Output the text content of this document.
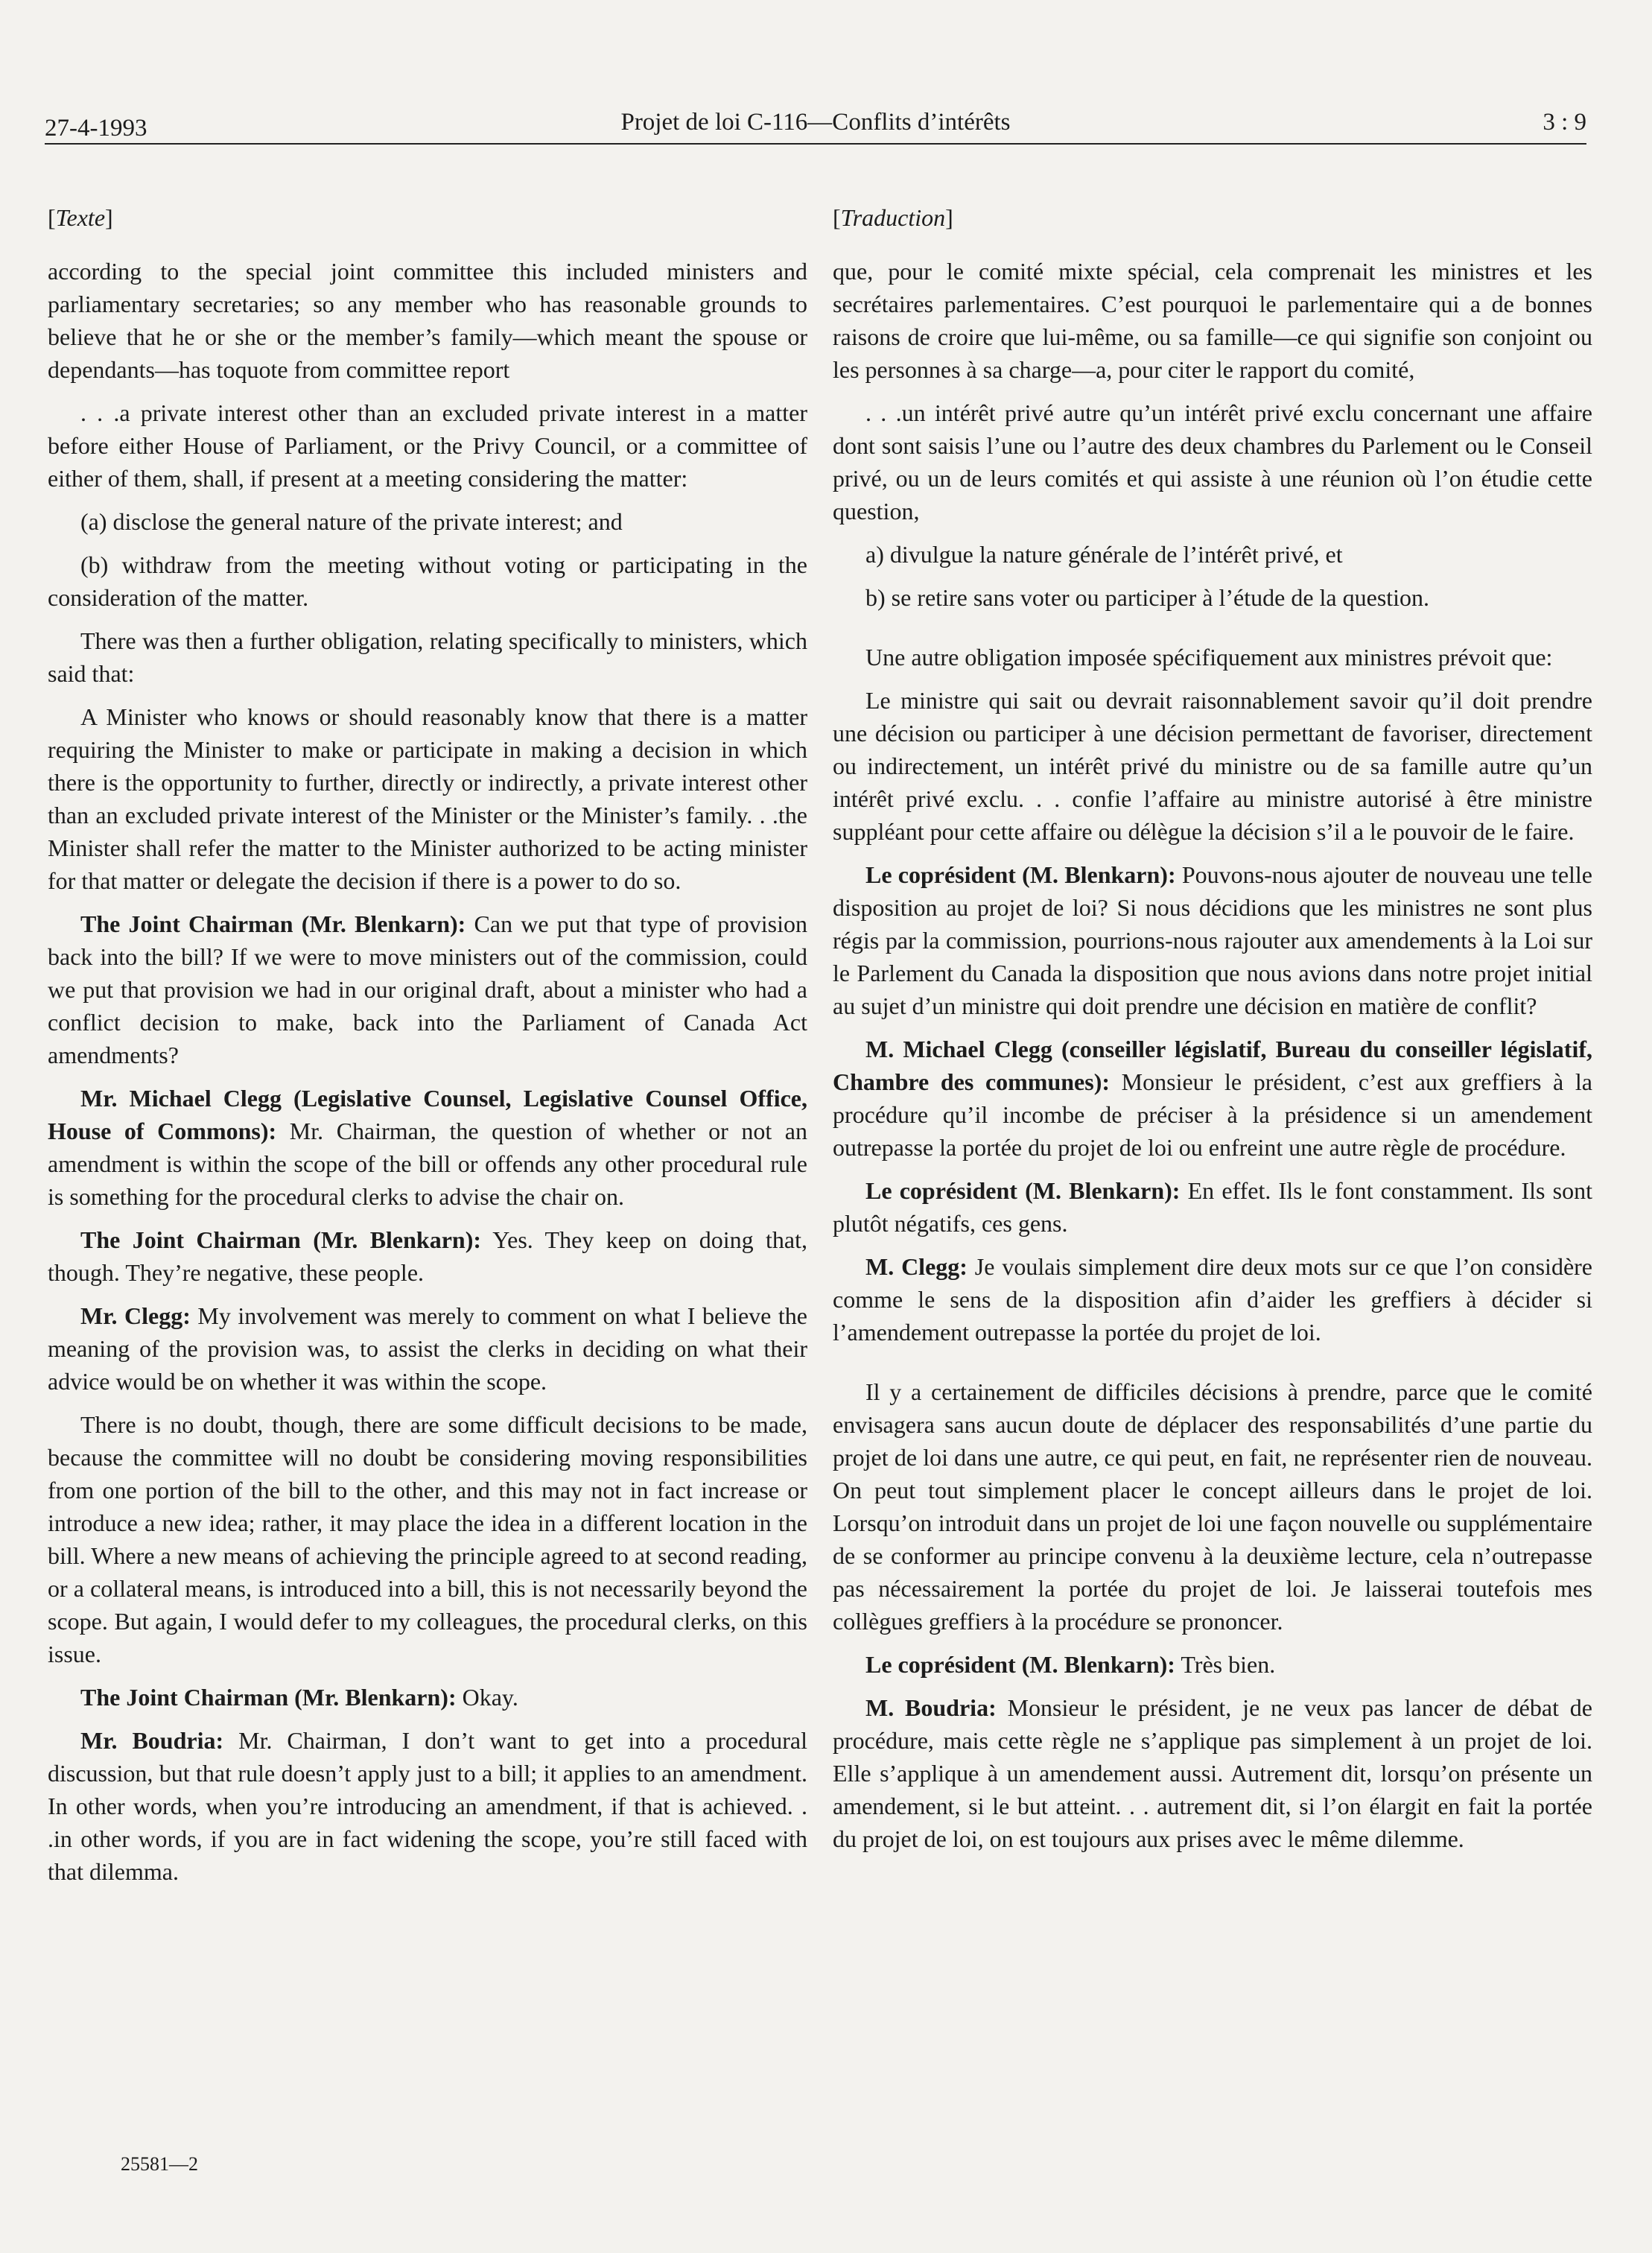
27-4-1993	Projet de loi C-116—Conflits d’intérêts	3 : 9
[Texte]

according to the special joint committee this included ministers and parliamentary secretaries; so any member who has reasonable grounds to believe that he or she or the member’s family—which meant the spouse or dependants—has toquote from committee report

. . .a private interest other than an excluded private interest in a matter before either House of Parliament, or the Privy Council, or a committee of either of them, shall, if present at a meeting considering the matter:

(a) disclose the general nature of the private interest; and

(b) withdraw from the meeting without voting or participating in the consideration of the matter.

There was then a further obligation, relating specifically to ministers, which said that:

A Minister who knows or should reasonably know that there is a matter requiring the Minister to make or participate in making a decision in which there is the opportunity to further, directly or indirectly, a private interest other than an excluded private interest of the Minister or the Minister’s family. . .the Minister shall refer the matter to the Minister authorized to be acting minister for that matter or delegate the decision if there is a power to do so.

The Joint Chairman (Mr. Blenkarn): Can we put that type of provision back into the bill? If we were to move ministers out of the commission, could we put that provision we had in our original draft, about a minister who had a conflict decision to make, back into the Parliament of Canada Act amendments?

Mr. Michael Clegg (Legislative Counsel, Legislative Counsel Office, House of Commons): Mr. Chairman, the question of whether or not an amendment is within the scope of the bill or offends any other procedural rule is something for the procedural clerks to advise the chair on.

The Joint Chairman (Mr. Blenkarn): Yes. They keep on doing that, though. They’re negative, these people.

Mr. Clegg: My involvement was merely to comment on what I believe the meaning of the provision was, to assist the clerks in deciding on what their advice would be on whether it was within the scope.

There is no doubt, though, there are some difficult decisions to be made, because the committee will no doubt be considering moving responsibilities from one portion of the bill to the other, and this may not in fact increase or introduce a new idea; rather, it may place the idea in a different location in the bill. Where a new means of achieving the principle agreed to at second reading, or a collateral means, is introduced into a bill, this is not necessarily beyond the scope. But again, I would defer to my colleagues, the procedural clerks, on this issue.

The Joint Chairman (Mr. Blenkarn): Okay.

Mr. Boudria: Mr. Chairman, I don’t want to get into a procedural discussion, but that rule doesn’t apply just to a bill; it applies to an amendment. In other words, when you’re introducing an amendment, if that is achieved. . .in other words, if you are in fact widening the scope, you’re still faced with that dilemma.

[Traduction]

que, pour le comité mixte spécial, cela comprenait les ministres et les secrétaires parlementaires. C’est pourquoi le parlementaire qui a de bonnes raisons de croire que lui-même, ou sa famille—ce qui signifie son conjoint ou les personnes à sa charge—a, pour citer le rapport du comité,

. . .un intérêt privé autre qu’un intérêt privé exclu concernant une affaire dont sont saisis l’une ou l’autre des deux chambres du Parlement ou le Conseil privé, ou un de leurs comités et qui assiste à une réunion où l’on étudie cette question,

a) divulgue la nature générale de l’intérêt privé, et

b) se retire sans voter ou participer à l’étude de la question.

Une autre obligation imposée spécifiquement aux ministres prévoit que:

Le ministre qui sait ou devrait raisonnablement savoir qu’il doit prendre une décision ou participer à une décision permettant de favoriser, directement ou indirectement, un intérêt privé du ministre ou de sa famille autre qu’un intérêt privé exclu. . . confie l’affaire au ministre autorisé à être ministre suppléant pour cette affaire ou délègue la décision s’il a le pouvoir de le faire.

Le coprésident (M. Blenkarn): Pouvons-nous ajouter de nouveau une telle disposition au projet de loi? Si nous décidions que les ministres ne sont plus régis par la commission, pourrions-nous rajouter aux amendements à la Loi sur le Parlement du Canada la disposition que nous avions dans notre projet initial au sujet d’un ministre qui doit prendre une décision en matière de conflit?

M. Michael Clegg (conseiller législatif, Bureau du conseiller législatif, Chambre des communes): Monsieur le président, c’est aux greffiers à la procédure qu’il incombe de préciser à la présidence si un amendement outrepasse la portée du projet de loi ou enfreint une autre règle de procédure.

Le coprésident (M. Blenkarn): En effet. Ils le font constamment. Ils sont plutôt négatifs, ces gens.

M. Clegg: Je voulais simplement dire deux mots sur ce que l’on considère comme le sens de la disposition afin d’aider les greffiers à décider si l’amendement outrepasse la portée du projet de loi.

Il y a certainement de difficiles décisions à prendre, parce que le comité envisagera sans aucun doute de déplacer des responsabilités d’une partie du projet de loi dans une autre, ce qui peut, en fait, ne représenter rien de nouveau. On peut tout simplement placer le concept ailleurs dans le projet de loi. Lorsqu’on introduit dans un projet de loi une façon nouvelle ou supplémentaire de se conformer au principe convenu à la deuxième lecture, cela n’outrepasse pas nécessairement la portée du projet de loi. Je laisserai toutefois mes collègues greffiers à la procédure se prononcer.

Le coprésident (M. Blenkarn): Très bien.

M. Boudria: Monsieur le président, je ne veux pas lancer de débat de procédure, mais cette règle ne s’applique pas simplement à un projet de loi. Elle s’applique à un amendement aussi. Autrement dit, lorsqu’on présente un amendement, si le but atteint. . . autrement dit, si l’on élargit en fait la portée du projet de loi, on est toujours aux prises avec le même dilemme.

25581—2
